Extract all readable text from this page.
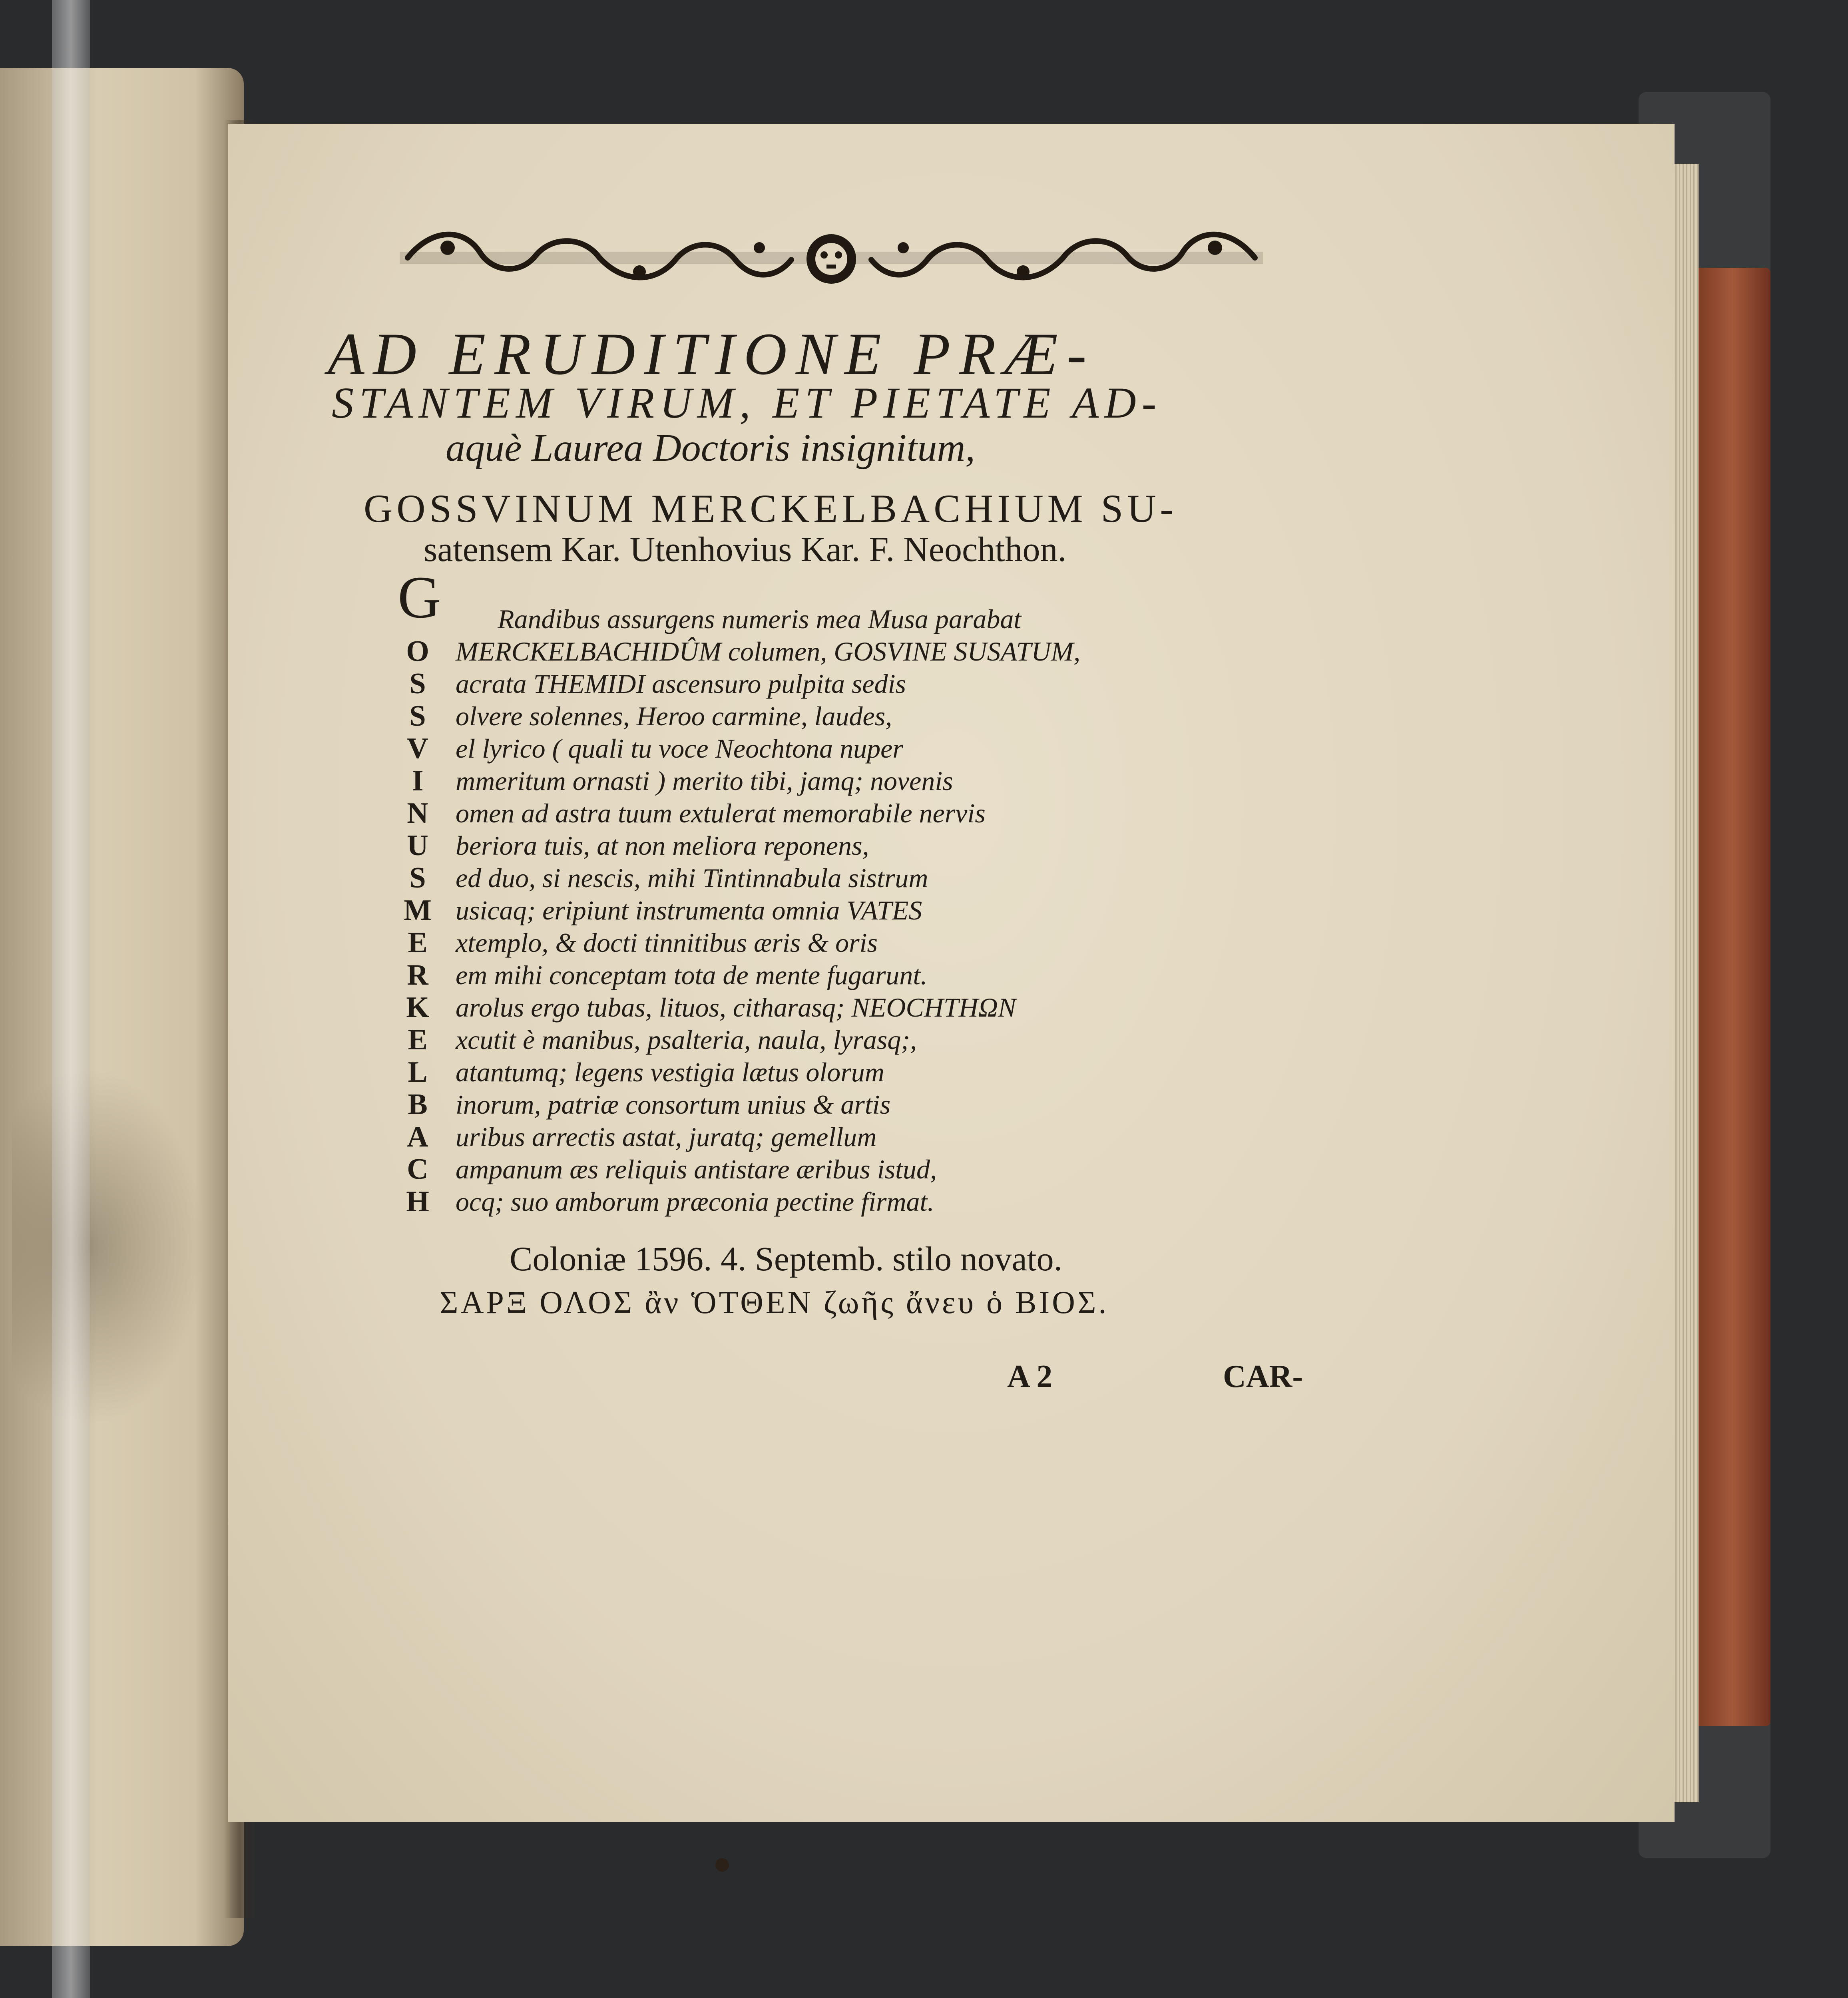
AD ERUDITIONE PRÆ-
STANTEM VIRUM, ET PIETATE AD-
aquè Laurea Doctoris insignitum,
GOSSVINUM MERCKELBACHIUM SU-
satensem Kar. Utenhovius Kar. F. Neochthon.
G Randibus assurgens numeris mea Musa parabat
O
S
S
V
I
N
U
S
M
E
R
K
E
L
B
A
C
H
MERCKELBACHIDÛM columen, GOSVINE SUSATUM,
acrata THEMIDI ascensuro pulpita sedis
olvere solennes, Heroo carmine, laudes,
el lyrico ( quali tu voce Neochtona nuper
mmeritum ornasti ) merito tibi, jamq; novenis
omen ad astra tuum extulerat memorabile nervis
beriora tuis, at non meliora reponens,
ed duo, si nescis, mihi Tintinnabula sistrum
usicaq; eripiunt instrumenta omnia VATES
xtemplo, & docti tinnitibus æris & oris
em mihi conceptam tota de mente fugarunt.
arolus ergo tubas, lituos, citharasq; NEOCHTHΩN
xcutit è manibus, psalteria, naula, lyrasq;,
atantumq; legens vestigia lætus olorum
inorum, patriæ consortum unius & artis
uribus arrectis astat, juratq; gemellum
ampanum æs reliquis antistare æribus istud,
ocq; suo amborum præconia pectine firmat.
Coloniæ 1596. 4. Septemb. stilo novato.
ΣΑΡΞ ΟΛΟΣ ἂν ὉΤΘΕΝ ζωῆς ἄνευ ὁ ΒΙΟΣ.
A 2	CAR-
